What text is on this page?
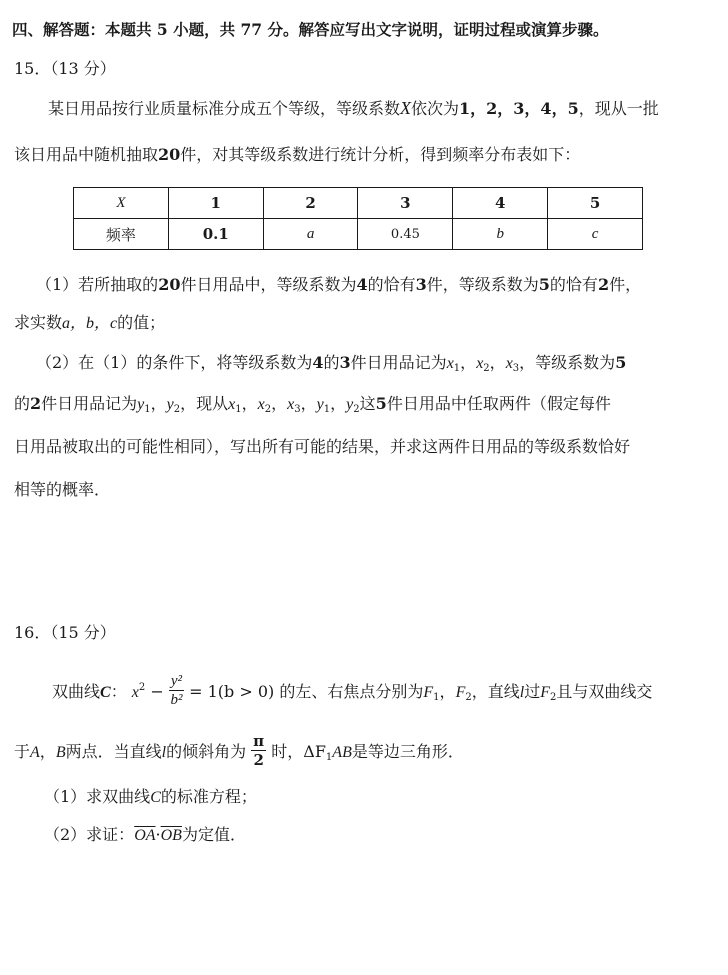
四、解答题：本题共 5 小题，共 77 分。解答应写出文字说明，证明过程或演算步骤。
15．（13 分）
某日用品按行业质量标准分成五个等级，等级系数X依次为1，2，3，4，5，现从一批
该日用品中随机抽取20件，对其等级系数进行统计分析，得到频率分布表如下：
X	1	2	3	4	5
频率	0.1	a	0.45	b	c
（1）若所抽取的20件日用品中，等级系数为4的恰有3件，等级系数为5的恰有2件，
求实数a，b，c的值；
（2）在（1）的条件下，将等级系数为4的3件日用品记为$x_1$，$x_2$，$x_3$，等级系数为5
的2件日用品记为$y_1$，$y_2$，现从$x_1$，$x_2$，$x_3$，$y_1$，$y_2$这5件日用品中任取两件（假定每件
日用品被取出的可能性相同），写出所有可能的结果，并求这两件日用品的等级系数恰好
相等的概率．
16．（15 分）
双曲线C： $x^2 - \frac{\text{y²}}{\text{b²}} = 1(b > 0)$ 的左、右焦点分别为$F_1$，$F_2$，直线l过$F_2$且与双曲线交
于A，B两点．当直线l的倾斜角为 $\frac{\pi}{2}$ 时，$\Delta F_1AB$是等边三角形．
（1）求双曲线C的标准方程；
（2）求证：$\overline{OA}\cdot\overline{OB}$为定值．
